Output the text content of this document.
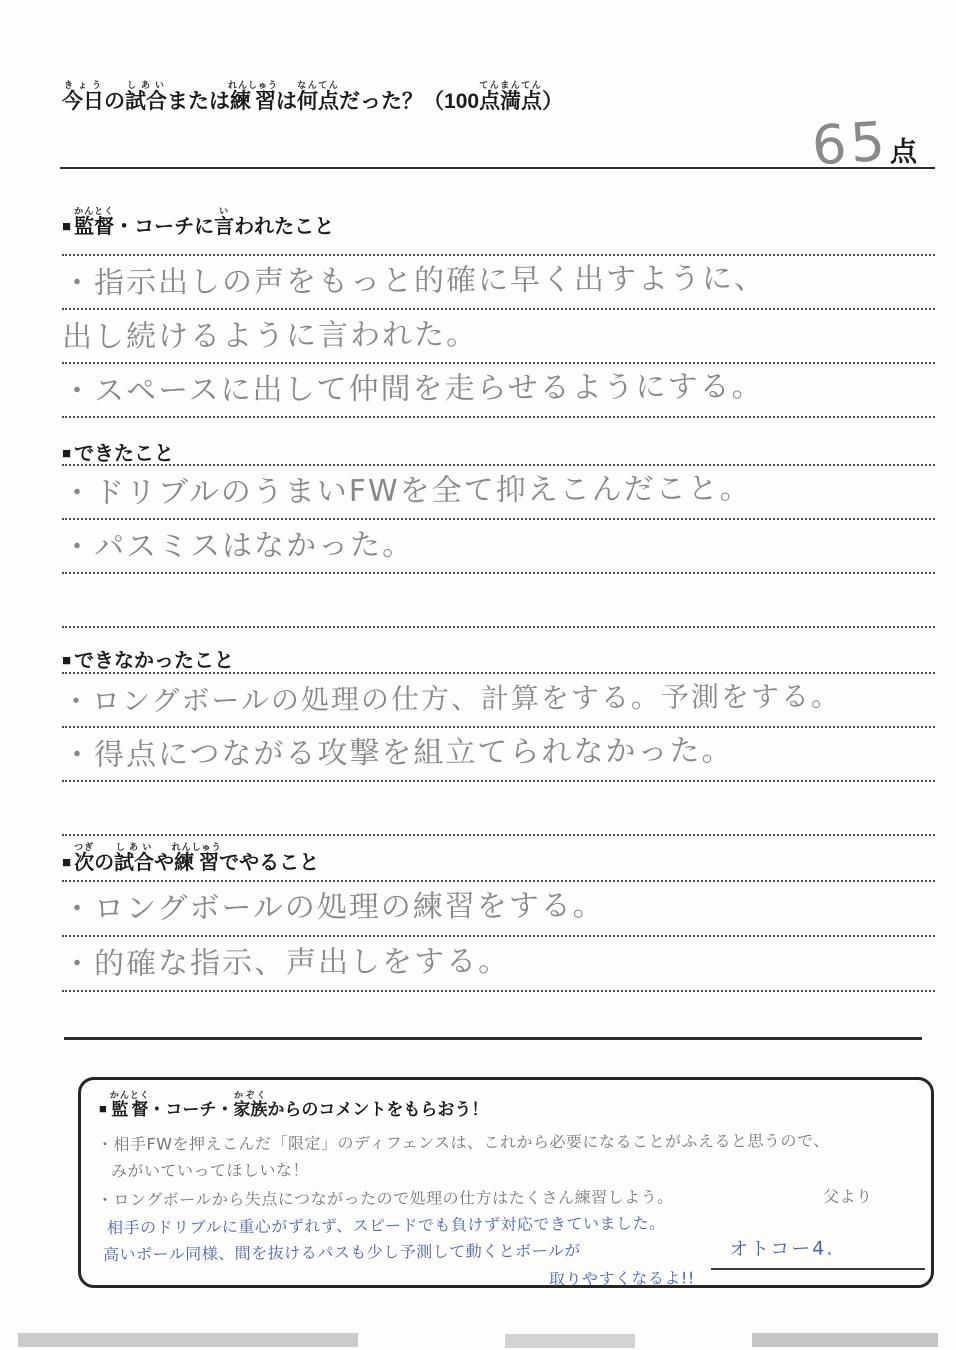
今日きょうの試合しあいまたは練習れんしゅうは何点なんてんだった？（100点満点てんまんてん）
65 点
■ 監督かんとく・コーチに言いわれたこと
・指示出しの声をもっと的確に早く出すように、
出し続けるように言われた。
・スペースに出して仲間を走らせるようにする。
■ できたこと
・ドリブルのうまいFWを全て抑えこんだこと。
・パスミスはなかった。
■ できなかったこと
・ロングボールの処理の仕方、計算をする。予測をする。
・得点につながる攻撃を組立てられなかった。
■ 次つぎの試合しあいや練習れんしゅうでやること
・ロングボールの処理の練習をする。
・的確な指示、声出しをする。
■ 監督かんとく・コーチ・家族かぞくからのコメントをもらおう！
・相手FWを押えこんだ「限定」のディフェンスは、これから必要になることがふえると思うので、
みがいていってほしいな！
・ロングボールから失点につながったので処理の仕方はたくさん練習しよう。	父より
相手のドリブルに重心がずれず、スピードでも負けず対応できていました。
高いボール同様、間を抜けるパスも少し予測して動くとボールが
取りやすくなるよ!!
オトコー4.
